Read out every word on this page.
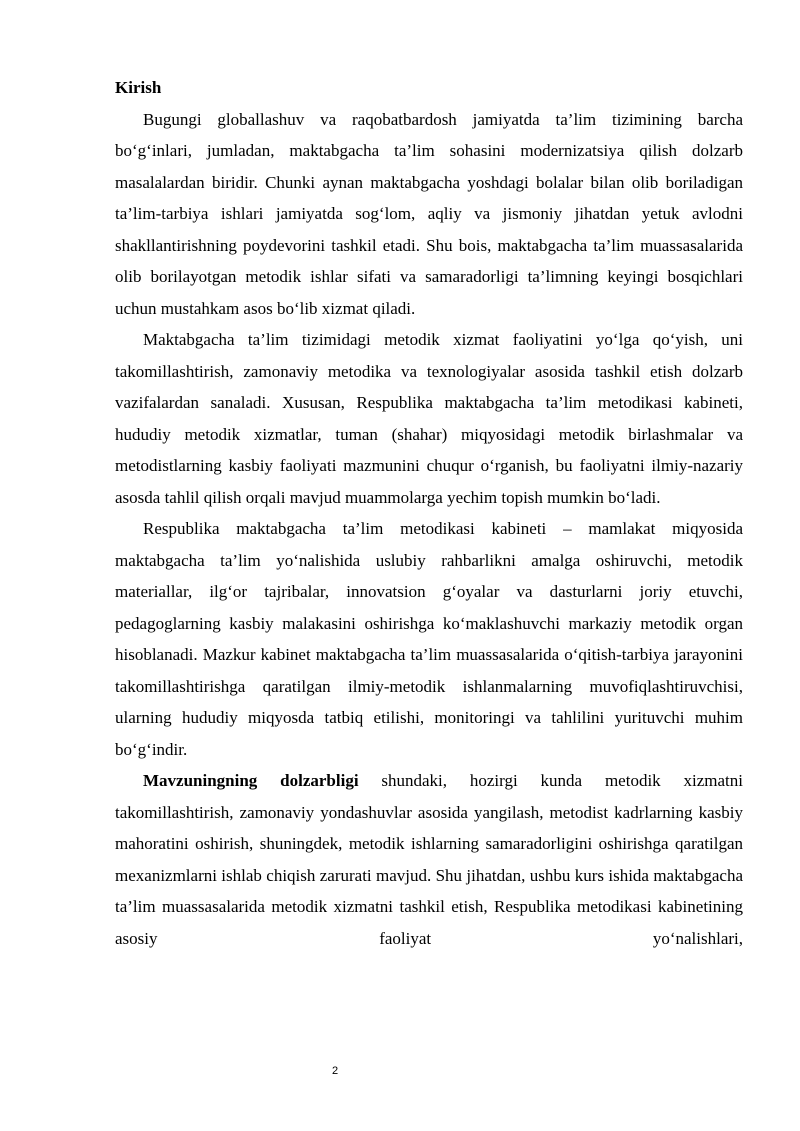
Kirish

Bugungi globallashuv va raqobatbardosh jamiyatda ta’lim tizimining barcha bo‘g‘inlari, jumladan, maktabgacha ta’lim sohasini modernizatsiya qilish dolzarb masalalardan biridir. Chunki aynan maktabgacha yoshdagi bolalar bilan olib boriladigan ta’lim-tarbiya ishlari jamiyatda sog‘lom, aqliy va jismoniy jihatdan yetuk avlodni shakllantirishning poydevorini tashkil etadi. Shu bois, maktabgacha ta’lim muassasalarida olib borilayotgan metodik ishlar sifati va samaradorligi ta’limning keyingi bosqichlari uchun mustahkam asos bo‘lib xizmat qiladi.

Maktabgacha ta’lim tizimidagi metodik xizmat faoliyatini yo‘lga qo‘yish, uni takomillashtirish, zamonaviy metodika va texnologiyalar asosida tashkil etish dolzarb vazifalardan sanaladi. Xususan, Respublika maktabgacha ta’lim metodikasi kabineti, hududiy metodik xizmatlar, tuman (shahar) miqyosidagi metodik birlashmalar va metodistlarning kasbiy faoliyati mazmunini chuqur o‘rganish, bu faoliyatni ilmiy-nazariy asosda tahlil qilish orqali mavjud muammolarga yechim topish mumkin bo‘ladi.

Respublika maktabgacha ta’lim metodikasi kabineti – mamlakat miqyosida maktabgacha ta’lim yo‘nalishida uslubiy rahbarlikni amalga oshiruvchi, metodik materiallar, ilg‘or tajribalar, innovatsion g‘oyalar va dasturlarni joriy etuvchi, pedagoglarning kasbiy malakasini oshirishga ko‘maklashuvchi markaziy metodik organ hisoblanadi. Mazkur kabinet maktabgacha ta’lim muassasalarida o‘qitish-tarbiya jarayonini takomillashtirishga qaratilgan ilmiy-metodik ishlanmalarning muvofiqlashtiruvchisi, ularning hududiy miqyosda tatbiq etilishi, monitoringi va tahlilini yurituvchi muhim bo‘g‘indir.

Mavzuningning dolzarbligi shundaki, hozirgi kunda metodik xizmatni takomillashtirish, zamonaviy yondashuvlar asosida yangilash, metodist kadrlarning kasbiy mahoratini oshirish, shuningdek, metodik ishlarning samaradorligini oshirishga qaratilgan mexanizmlarni ishlab chiqish zarurati mavjud. Shu jihatdan, ushbu kurs ishida maktabgacha ta’lim muassasalarida metodik xizmatni tashkil etish, Respublika metodikasi kabinetining asosiy faoliyat yo‘nalishlari,

2
